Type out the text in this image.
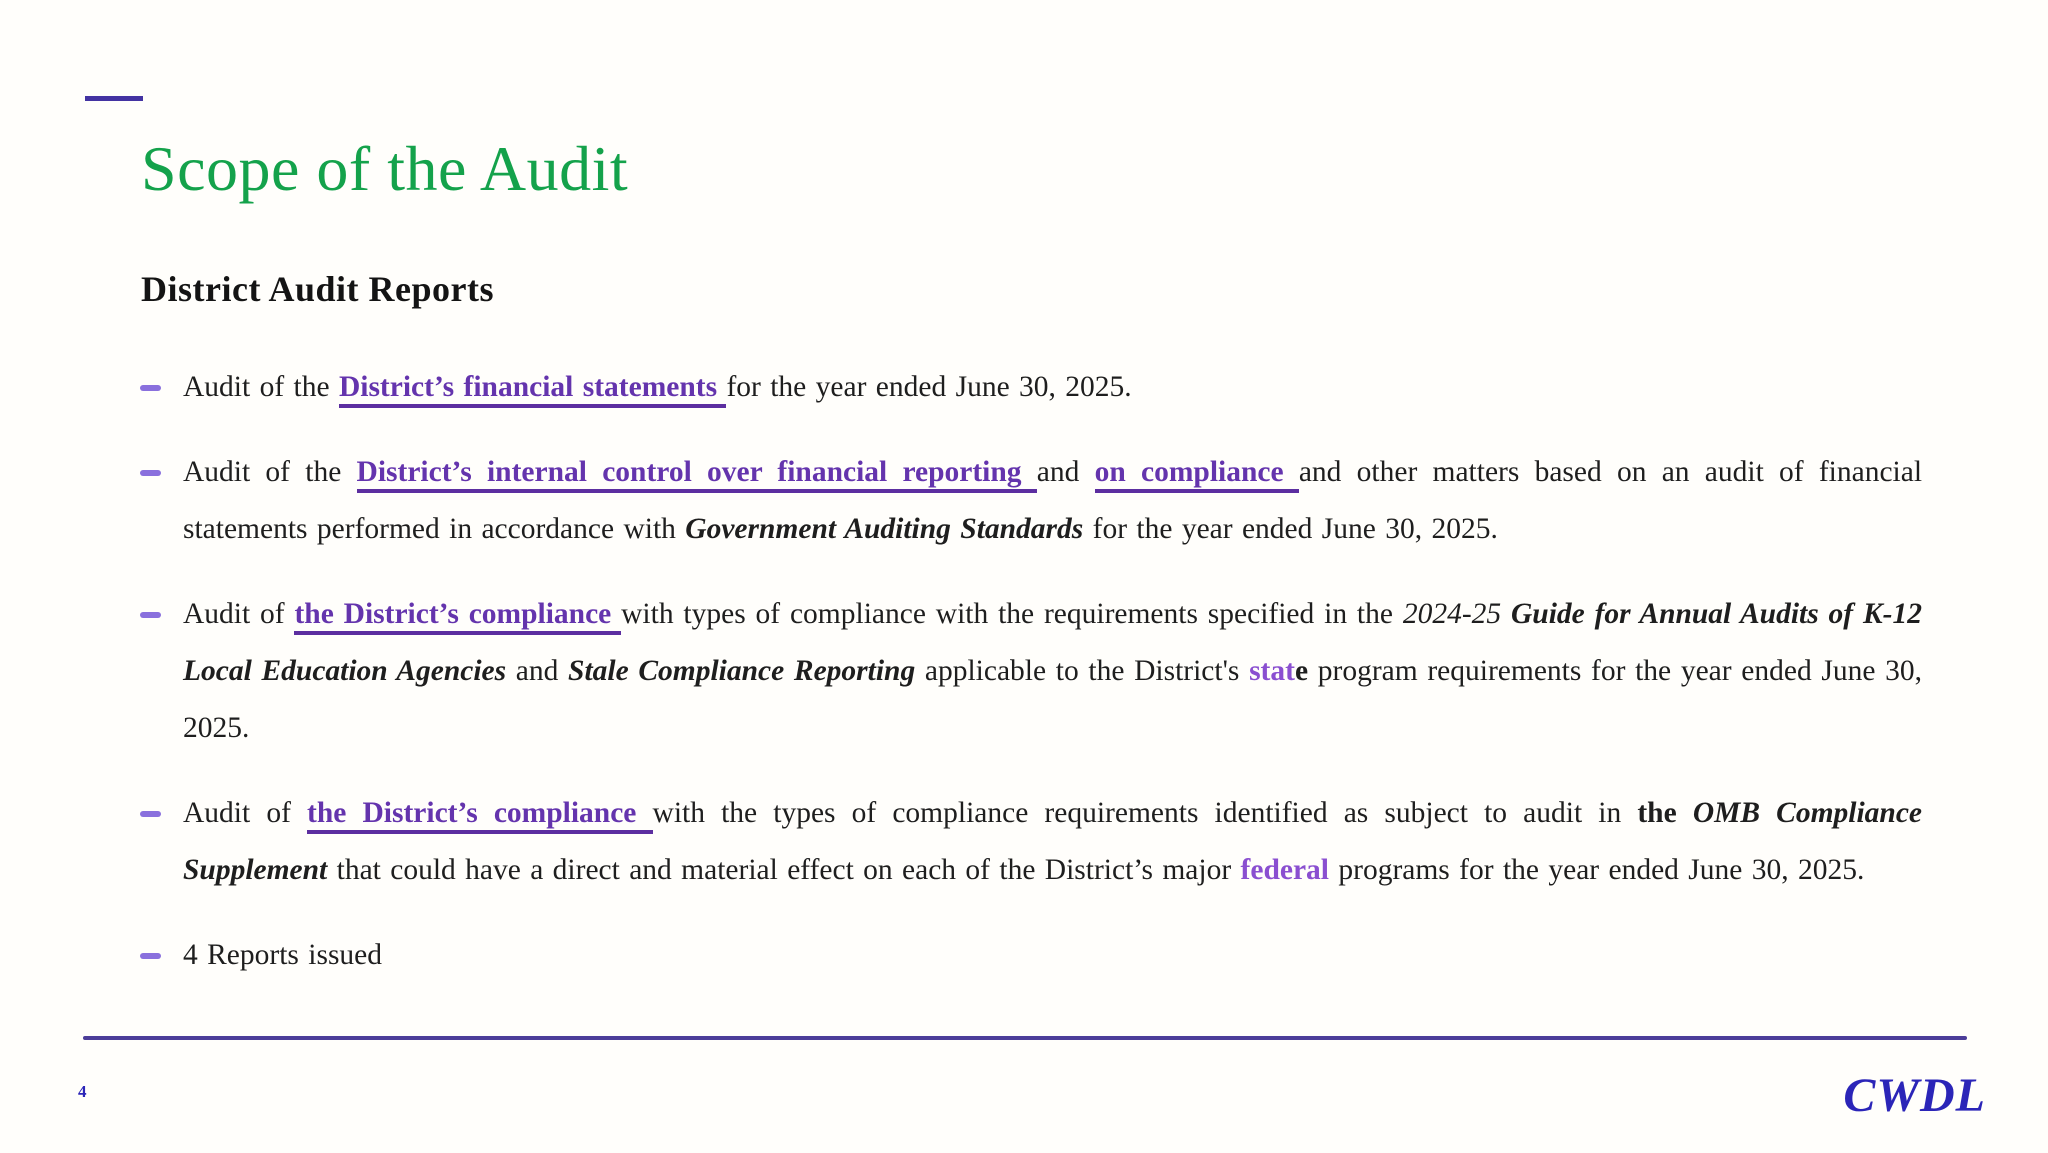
Scope of the Audit
District Audit Reports

Audit of the District’s financial statements for the year ended June 30, 2025.

Audit of the District’s internal control over financial reporting and on compliance and other matters based on an audit of financial statements performed in accordance with Government Auditing Standards for the year ended June 30, 2025.

Audit of the District’s compliance with types of compliance with the requirements specified in the 2024-25 Guide for Annual Audits of K-12 Local Education Agencies and Stale Compliance Reporting applicable to the District's state program requirements for the year ended June 30, 2025.

Audit of the District’s compliance with the types of compliance requirements identified as subject to audit in the OMB Compliance Supplement that could have a direct and material effect on each of the District’s major federal programs for the year ended June 30, 2025.

4 Reports issued

4	CWDL
